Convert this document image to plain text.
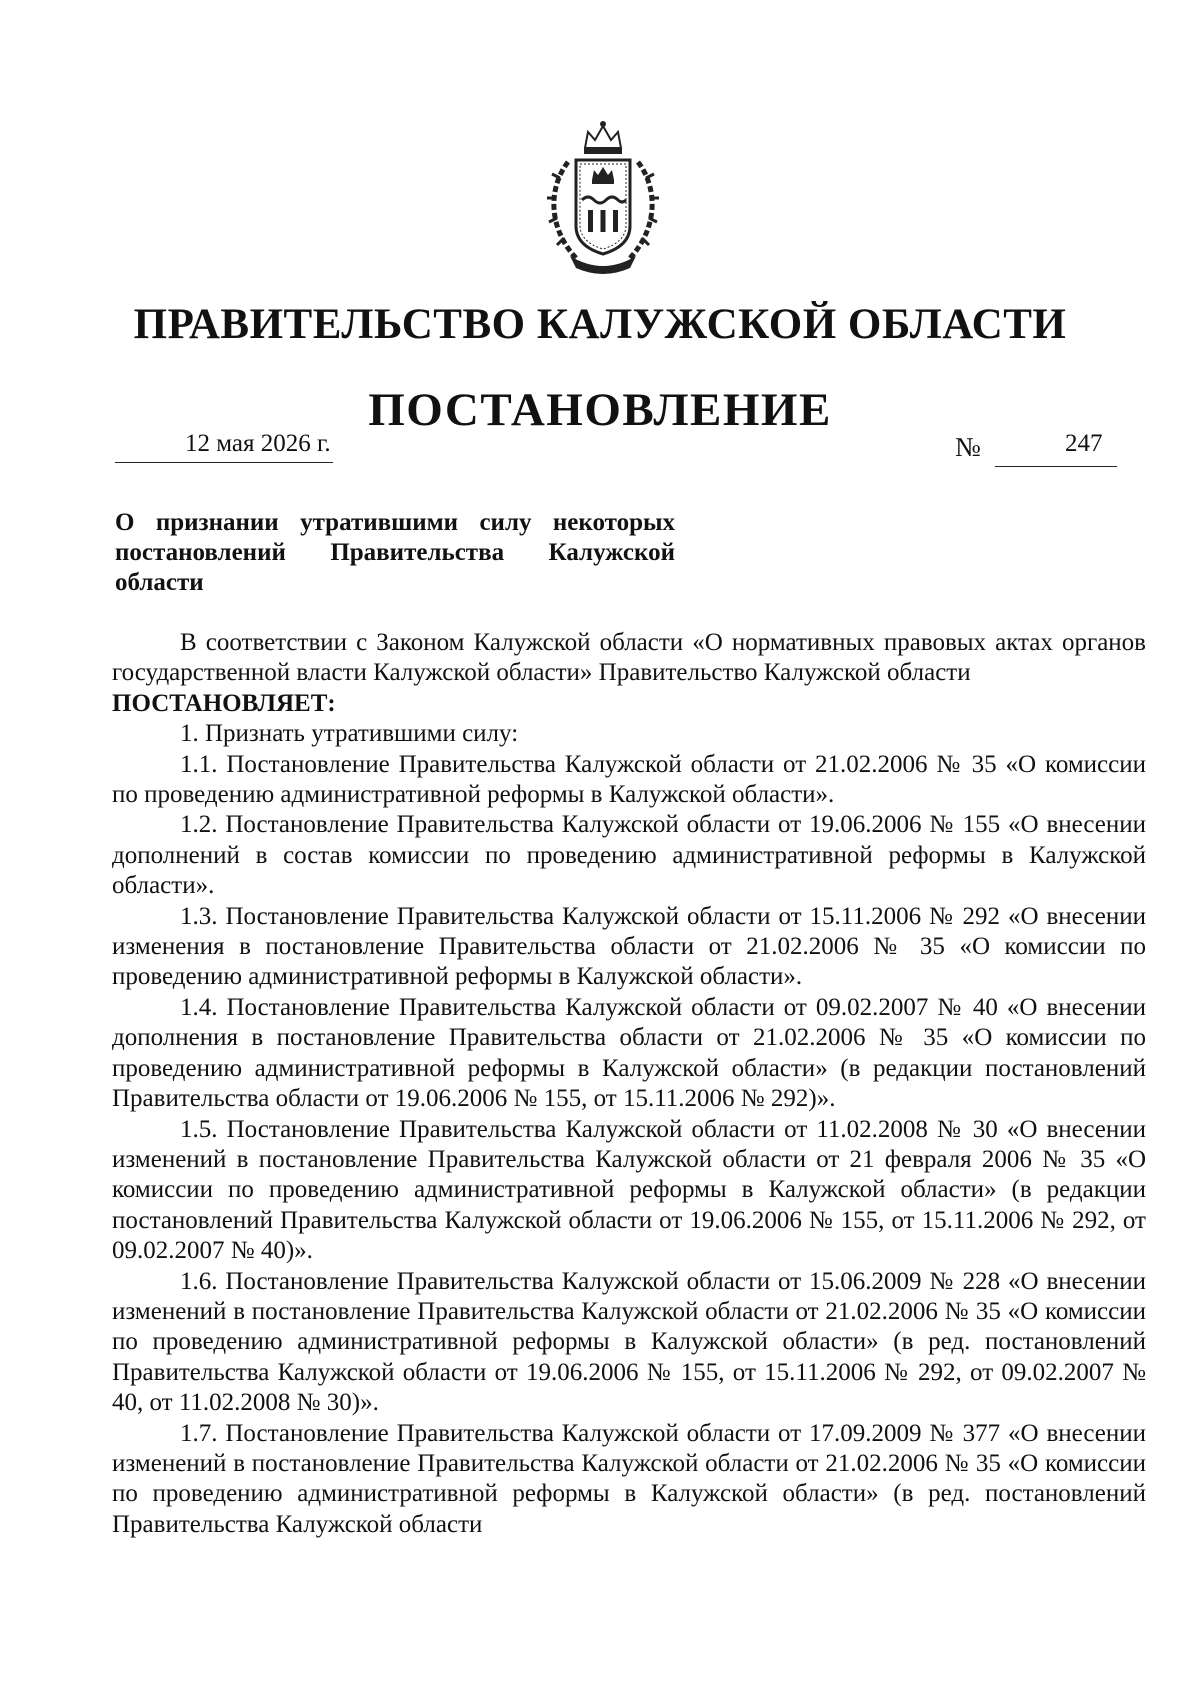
ПРАВИТЕЛЬСТВО КАЛУЖСКОЙ ОБЛАСТИ
ПОСТАНОВЛЕНИЕ
12 мая 2026 г.	№	247
О признании утратившими силу некоторых постановлений Правительства Калужской области

В соответствии с Законом Калужской области «О нормативных правовых актах органов государственной власти Калужской области» Правительство Калужской области

ПОСТАНОВЛЯЕТ:

1. Признать утратившими силу:

1.1. Постановление Правительства Калужской области от 21.02.2006 № 35 «О комиссии по проведению административной реформы в Калужской области».

1.2. Постановление Правительства Калужской области от 19.06.2006 № 155 «О внесении дополнений в состав комиссии по проведению административной реформы в Калужской области».

1.3. Постановление Правительства Калужской области от 15.11.2006 № 292 «О внесении изменения в постановление Правительства области от 21.02.2006 № 35 «О комиссии по проведению административной реформы в Калужской области».

1.4. Постановление Правительства Калужской области от 09.02.2007 № 40 «О внесении дополнения в постановление Правительства области от 21.02.2006 № 35 «О комиссии по проведению административной реформы в Калужской области» (в редакции постановлений Правительства области от 19.06.2006 № 155, от 15.11.2006 № 292)».

1.5. Постановление Правительства Калужской области от 11.02.2008 № 30 «О внесении изменений в постановление Правительства Калужской области от 21 февраля 2006 № 35 «О комиссии по проведению административной реформы в Калужской области» (в редакции постановлений Правительства Калужской области от 19.06.2006 № 155, от 15.11.2006 № 292, от 09.02.2007 № 40)».

1.6. Постановление Правительства Калужской области от 15.06.2009 № 228 «О внесении изменений в постановление Правительства Калужской области от 21.02.2006 № 35 «О комиссии по проведению административной реформы в Калужской области» (в ред. постановлений Правительства Калужской области от 19.06.2006 № 155, от 15.11.2006 № 292, от 09.02.2007 № 40, от 11.02.2008 № 30)».

1.7. Постановление Правительства Калужской области от 17.09.2009 № 377 «О внесении изменений в постановление Правительства Калужской области от 21.02.2006 № 35 «О комиссии по проведению административной реформы в Калужской области» (в ред. постановлений Правительства Калужской области
